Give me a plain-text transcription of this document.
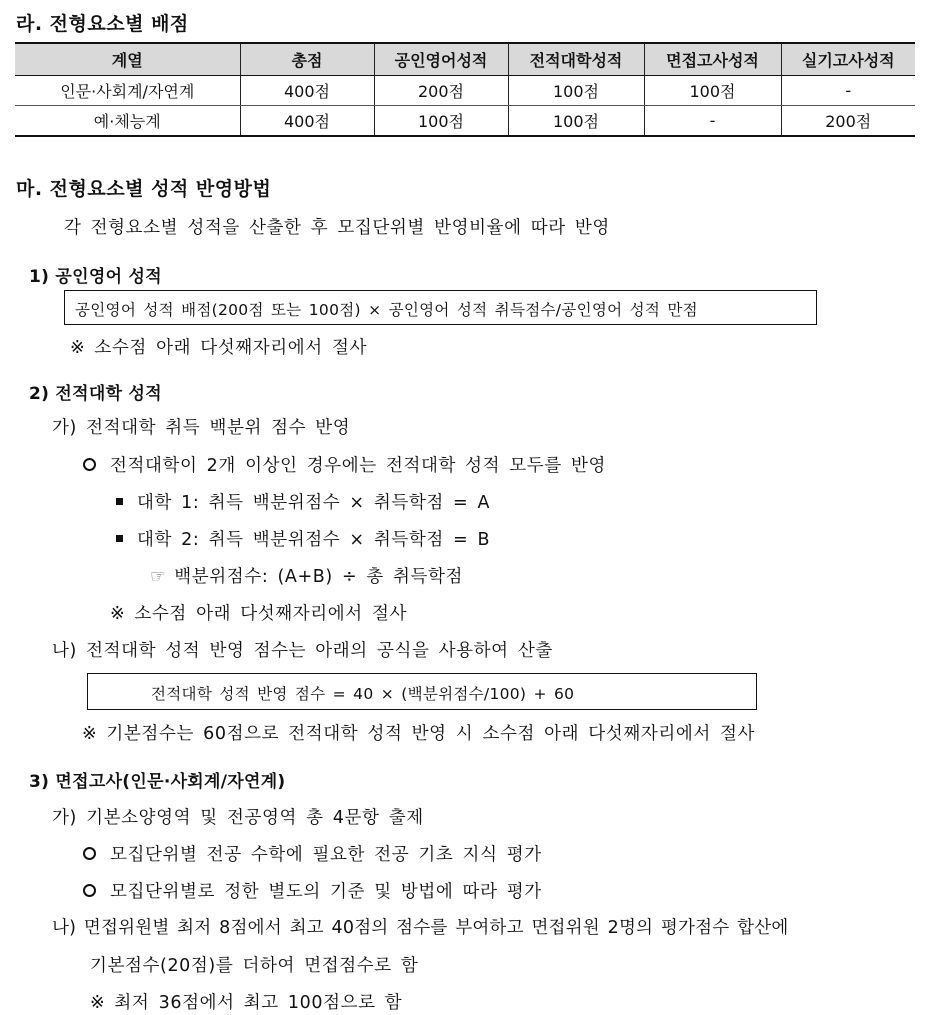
라. 전형요소별 배점
계열	총점	공인영어성적	전적대학성적	면접고사성적	실기고사성적
인문·사회계/자연계	400점	200점	100점	100점	-
예·체능계	400점	100점	100점	-	200점
마. 전형요소별 성적 반영방법
각 전형요소별 성적을 산출한 후 모집단위별 반영비율에 따라 반영
1) 공인영어 성적
공인영어 성적 배점(200점 또는 100점) × 공인영어 성적 취득점수/공인영어 성적 만점
※ 소수점 아래 다섯째자리에서 절사
2) 전적대학 성적
가) 전적대학 취득 백분위 점수 반영
전적대학이 2개 이상인 경우에는 전적대학 성적 모두를 반영
대학 1: 취득 백분위점수 × 취득학점 = A
대학 2: 취득 백분위점수 × 취득학점 = B
☞ 백분위점수: (A+B) ÷ 총 취득학점
※ 소수점 아래 다섯째자리에서 절사
나) 전적대학 성적 반영 점수는 아래의 공식을 사용하여 산출
전적대학 성적 반영 점수 = 40 × (백분위점수/100) + 60
※ 기본점수는 60점으로 전적대학 성적 반영 시 소수점 아래 다섯째자리에서 절사
3) 면접고사(인문·사회계/자연계)
가) 기본소양영역 및 전공영역 총 4문항 출제
모집단위별 전공 수학에 필요한 전공 기초 지식 평가
모집단위별로 정한 별도의 기준 및 방법에 따라 평가
나) 면접위원별 최저 8점에서 최고 40점의 점수를 부여하고 면접위원 2명의 평가점수 합산에
기본점수(20점)를 더하여 면접점수로 함
※ 최저 36점에서 최고 100점으로 함
